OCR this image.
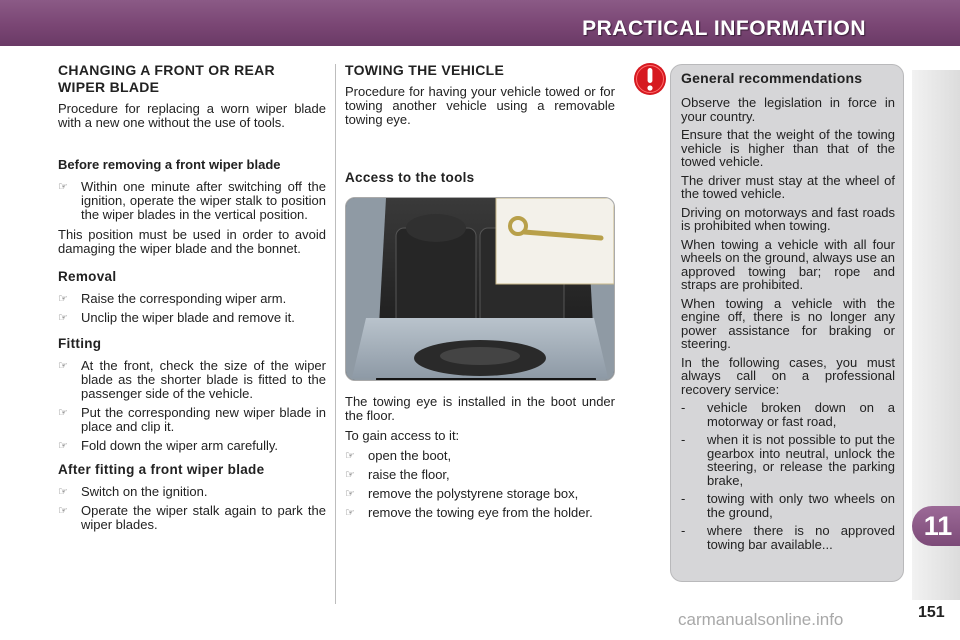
PRACTICAL INFORMATION
11
151
CHANGING A FRONT OR REAR WIPER BLADE

Procedure for replacing a worn wiper blade with a new one without the use of tools.

Before removing a front wiper blade
☞ Within one minute after switching off the ignition, operate the wiper stalk to position the wiper blades in the vertical position.

This position must be used in order to avoid damaging the wiper blade and the bonnet.

Removal
☞ Raise the corresponding wiper arm.
☞ Unclip the wiper blade and remove it.
Fitting
☞ At the front, check the size of the wiper blade as the shorter blade is fitted to the passenger side of the vehicle.
☞ Put the corresponding new wiper blade in place and clip it.
☞ Fold down the wiper arm carefully.
After fitting a front wiper blade
☞ Switch on the ignition.
☞ Operate the wiper stalk again to park the wiper blades.
TOWING THE VEHICLE

Procedure for having your vehicle towed or for towing another vehicle using a removable towing eye.

Access to the tools

The towing eye is installed in the boot under the floor.

To gain access to it:

☞ open the boot,
☞ raise the floor,
☞ remove the polystyrene storage box,
☞ remove the towing eye from the holder.
General recommendations

Observe the legislation in force in your country.

Ensure that the weight of the towing vehicle is higher than that of the towed vehicle.

The driver must stay at the wheel of the towed vehicle.

Driving on motorways and fast roads is prohibited when towing.

When towing a vehicle with all four wheels on the ground, always use an approved towing bar; rope and straps are prohibited.

When towing a vehicle with the engine off, there is no longer any power assistance for braking or steering.

In the following cases, you must always call on a professional recovery service:

- vehicle broken down on a motorway or fast road,
- when it is not possible to put the gearbox into neutral, unlock the steering, or release the parking brake,
- towing with only two wheels on the ground,
- where there is no approved towing bar available...
carmanualsonline.info
